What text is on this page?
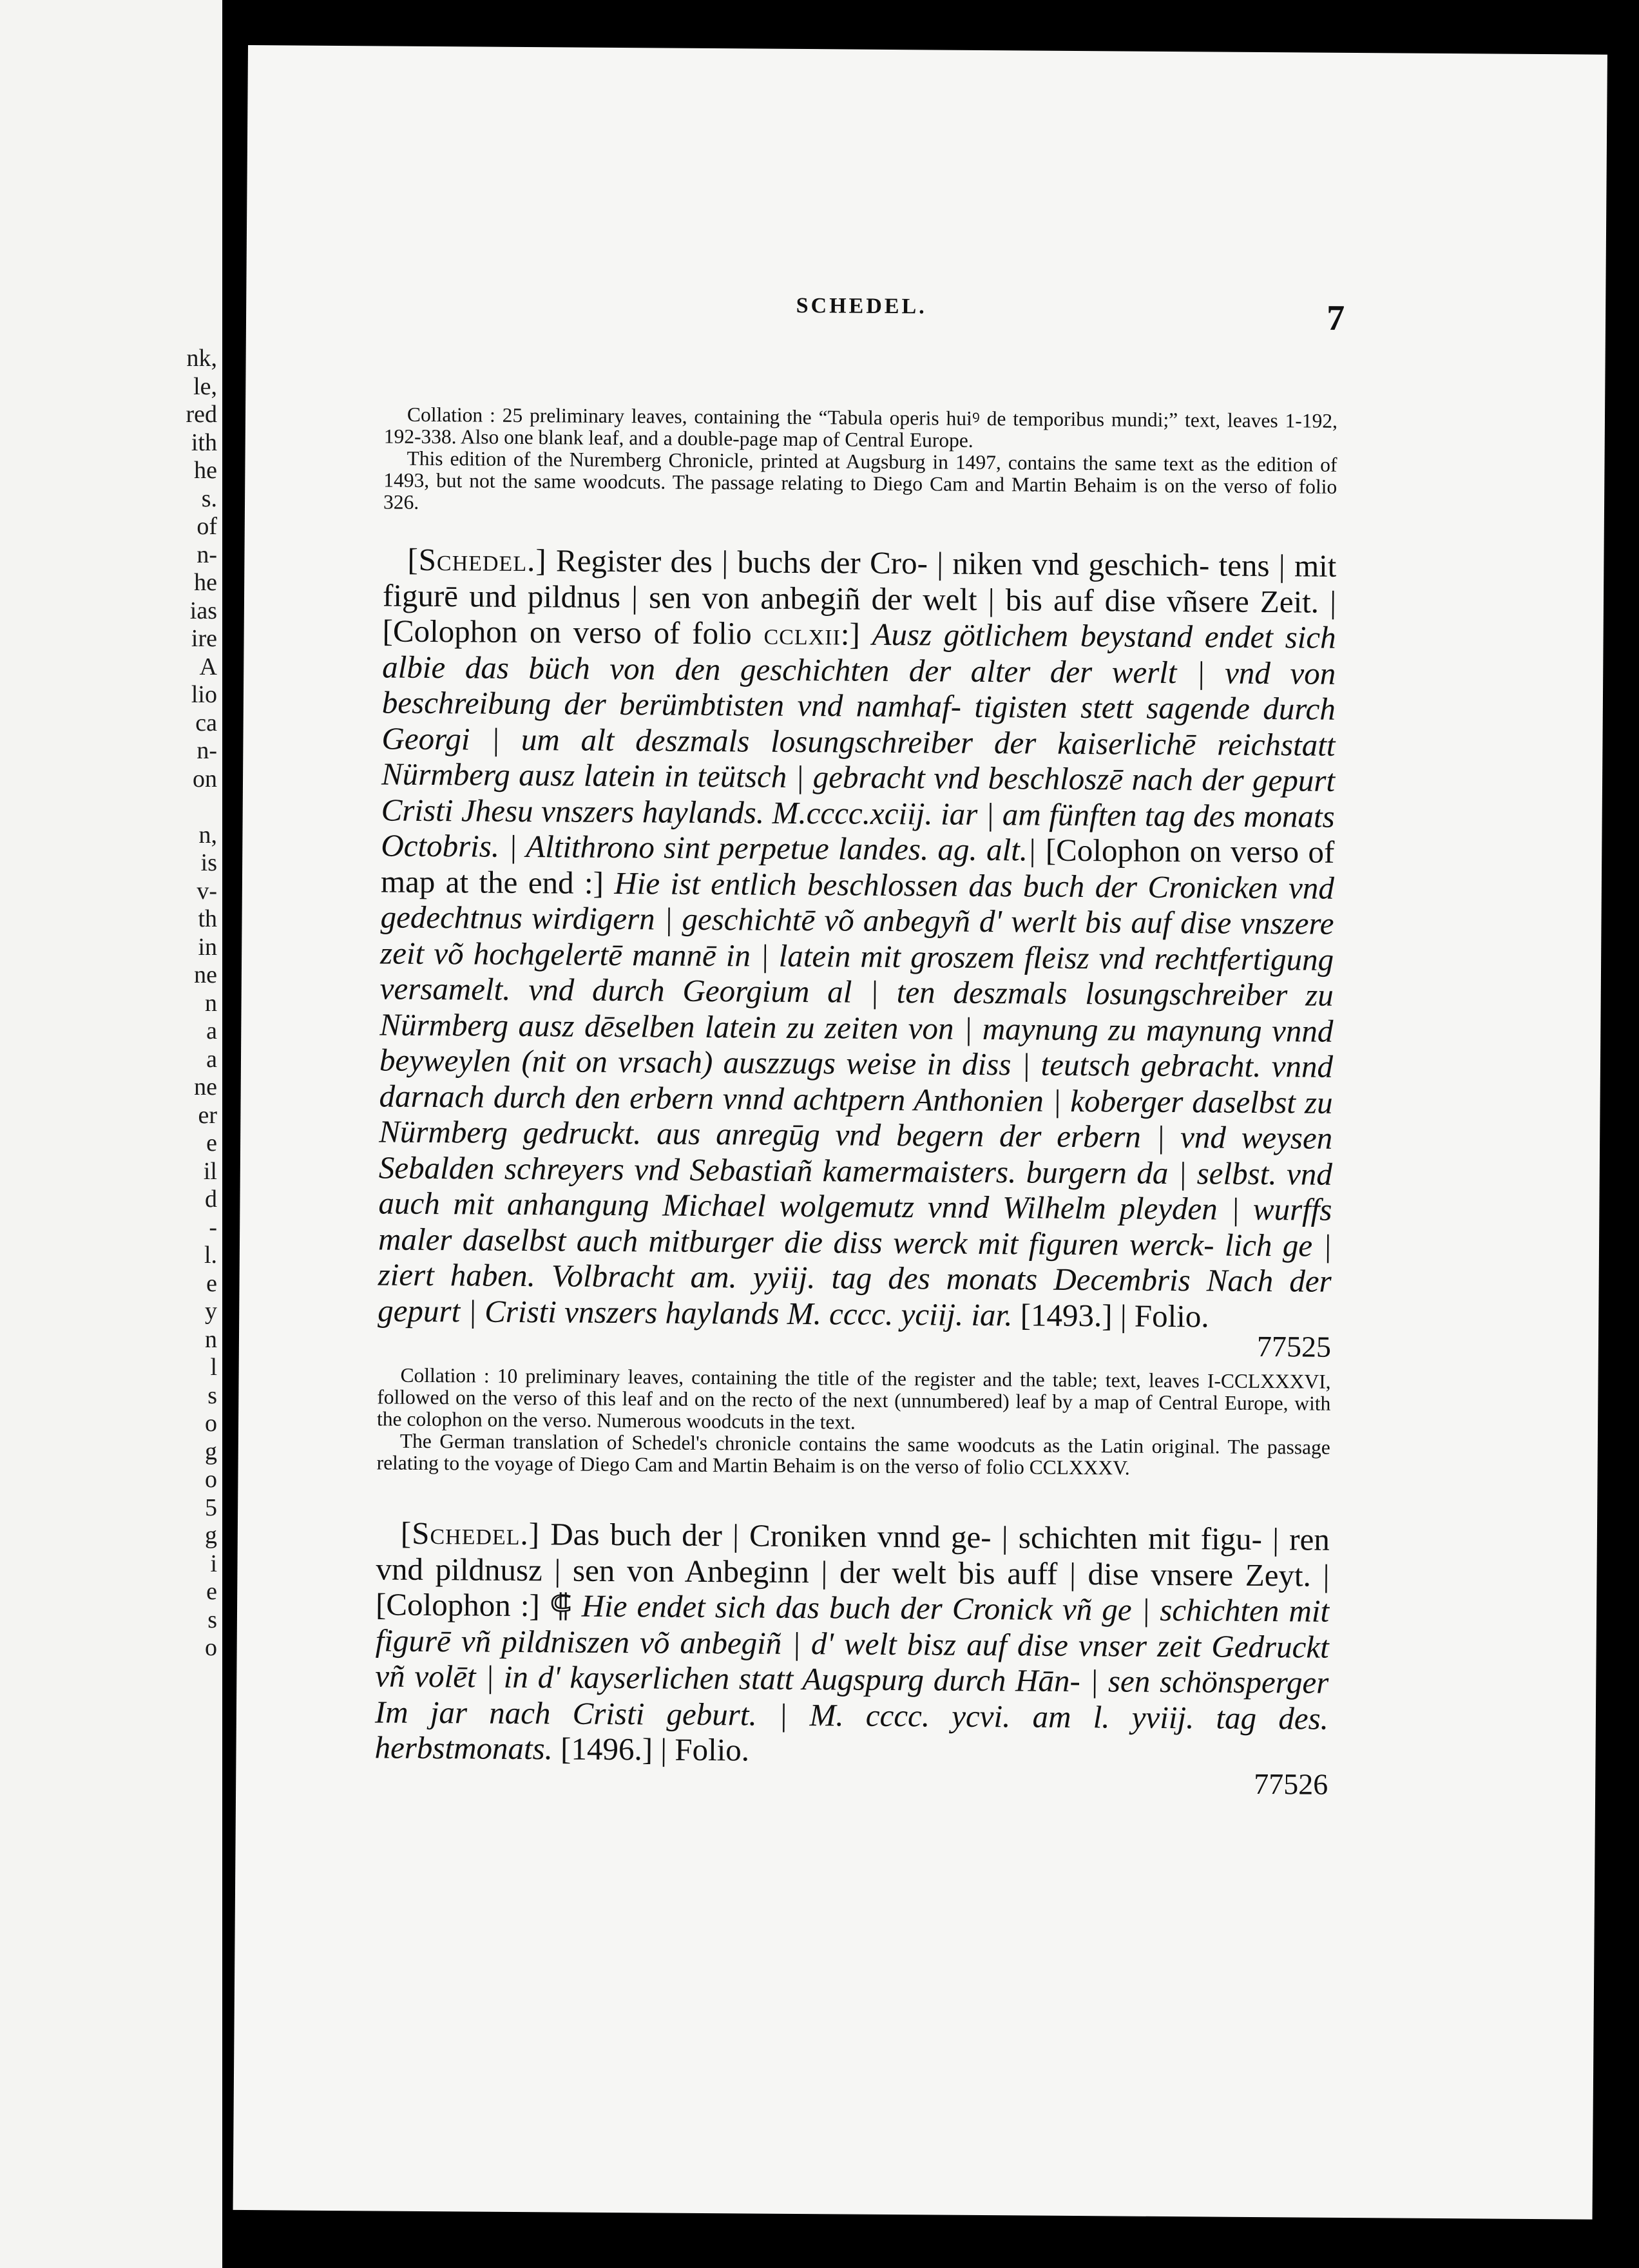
nk,
le,
red
ith
he
s.
of
n-
he
ias
ire
A
lio
ca
n-
on

n,
is
v-
th
in
ne
n
a
a
ne
er
e
il
d
-
l.
e
y
n
l
s
o
g
o
5
g
i
e
s
o
SCHEDEL.	7

Collation : 25 preliminary leaves, containing the “Tabula operis huiꝰ de temporibus mundi;” text, leaves 1-192, 192-338. Also one blank leaf, and a double-page map of Central Europe.

This edition of the Nuremberg Chronicle, printed at Augsburg in 1497, contains the same text as the edition of 1493, but not the same woodcuts. The passage relating to Diego Cam and Martin Behaim is on the verso of folio 326.

[Schedel.] Register des | buchs der Cro- | niken vnd geschich- tens | mit figurē und pildnus | sen von anbegiñ der welt | bis auf dise vñsere Zeit. | [Colophon on verso of folio cclxii:] Ausz götlichem beystand endet sich albie das büch von den geschichten der alter der werlt | vnd von beschreibung der berümbtisten vnd namhaf- tigisten stett sagende durch Georgi | um alt deszmals losungschreiber der kaiserlichē reichstatt Nürmberg ausz latein in teütsch | gebracht vnd beschloszē nach der gepurt Cristi Jhesu vnszers haylands. M.cccc.xciij. iar | am fünften tag des monats Octobris. | Altithrono sint perpetue landes. ag. alt.| [Colophon on verso of map at the end :] Hie ist entlich beschlossen das buch der Cronicken vnd gedechtnus wirdigern | geschichtē võ anbegyñ d' werlt bis auf dise vnszere zeit võ hochgelertē mannē in | latein mit groszem fleisz vnd rechtfertigung versamelt. vnd durch Georgium al | ten deszmals losungschreiber zu Nürmberg ausz dēselben latein zu zeiten von | maynung zu maynung vnnd beyweylen (nit on vrsach) auszzugs weise in diss | teutsch gebracht. vnnd darnach durch den erbern vnnd achtpern Anthonien | koberger daselbst zu Nürmberg gedruckt. aus anregūg vnd begern der erbern | vnd weysen Sebalden schreyers vnd Sebastiañ kamermaisters. burgern da | selbst. vnd auch mit anhangung Michael wolgemutz vnnd Wilhelm pleyden | wurffs maler daselbst auch mitburger die diss werck mit figuren werck- lich ge | ziert haben. Volbracht am. yyiij. tag des monats Decembris Nach der gepurt | Cristi vnszers haylands M. cccc. yciij. iar. [1493.] | Folio.
77525

Collation : 10 preliminary leaves, containing the title of the register and the table; text, leaves I-CCLXXXVI, followed on the verso of this leaf and on the recto of the next (unnumbered) leaf by a map of Central Europe, with the colophon on the verso. Numerous woodcuts in the text.

The German translation of Schedel's chronicle contains the same woodcuts as the Latin original. The passage relating to the voyage of Diego Cam and Martin Behaim is on the verso of folio CCLXXXV.

[Schedel.] Das buch der | Croniken vnnd ge- | schichten mit figu- | ren vnd pildnusz | sen von Anbeginn | der welt bis auff | dise vnsere Zeyt. | [Colophon :] ⸿ Hie endet sich das buch der Cronick vñ ge | schichten mit figurē vñ pildniszen võ anbegiñ | d' welt bisz auf dise vnser zeit Gedruckt vñ volēt | in d' kayserlichen statt Augspurg durch Hān- | sen schönsperger Im jar nach Cristi geburt. | M. cccc. ycvi. am l. yviij. tag des. herbstmonats. [1496.] | Folio.
77526
